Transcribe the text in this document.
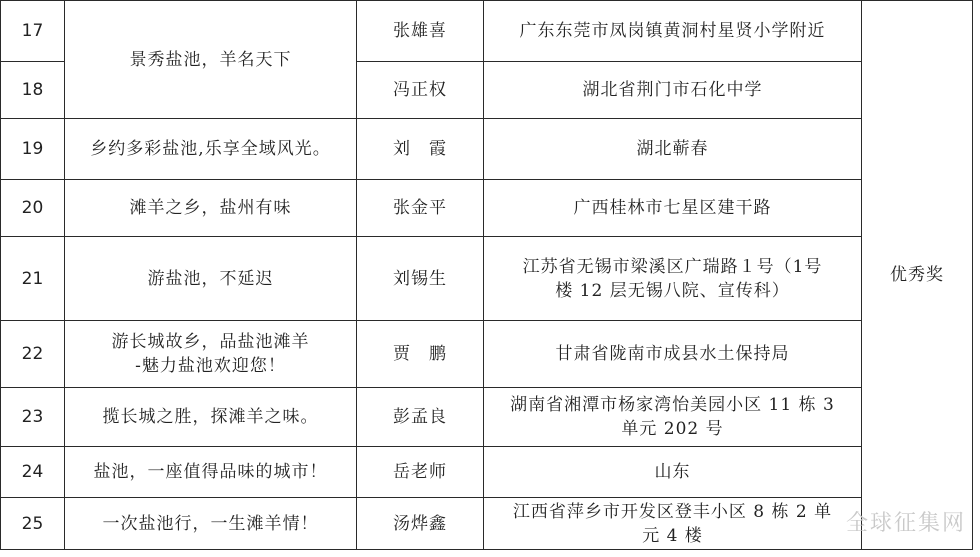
17	景秀盐池，羊名天下	张雄喜	广东东莞市凤岗镇黄洞村星贤小学附近	优秀奖
18		冯正权	湖北省荆门市石化中学	
19	乡约多彩盐池,乐享全域风光。	刘　霞	湖北蕲春	
20	滩羊之乡，盐州有味	张金平	广西桂林市七星区建干路	
21	游盐池，不延迟	刘锡生	江苏省无锡市梁溪区广瑞路１号（1号
楼 12 层无锡八院、宣传科）	

22	游长城故乡，品盐池滩羊
-魅力盐池欢迎您！	贾　鹏	甘肃省陇南市成县水土保持局	
23	揽长城之胜，探滩羊之味。	彭孟良	湖南省湘潭市杨家湾怡美园小区 11 栋 3
单元 202 号	

24	盐池，一座值得品味的城市！	岳老师	山东	
25	一次盐池行，一生滩羊情！	汤烨鑫	江西省萍乡市开发区登丰小区 8 栋 2 单
元 4 楼		全球征集网
